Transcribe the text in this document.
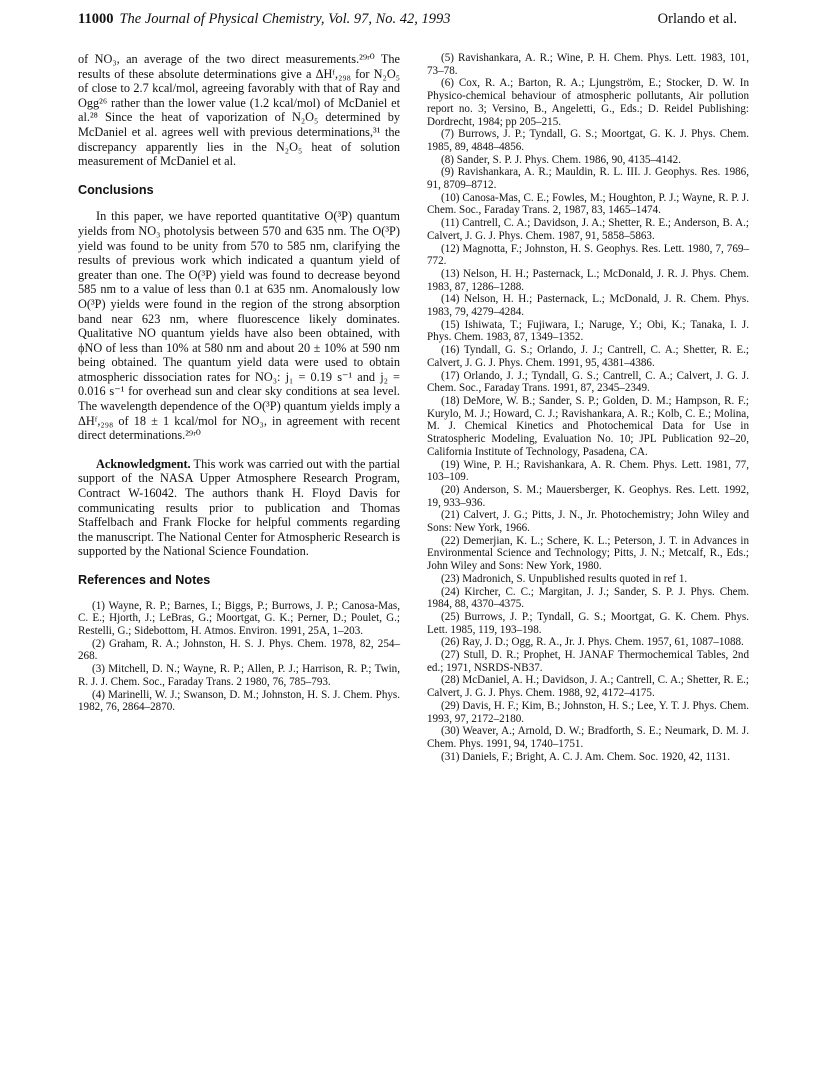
11000 The Journal of Physical Chemistry, Vol. 97, No. 42, 1993	Orlando et al.

of NO₃, an average of the two direct measurements.²⁹ʳ⁰ The results of these absolute determinations give a ΔHᶠ,₂₉₈ for N₂O₅ of close to 2.7 kcal/mol, agreeing favorably with that of Ray and Ogg²⁶ rather than the lower value (1.2 kcal/mol) of McDaniel et al.²⁸ Since the heat of vaporization of N₂O₅ determined by McDaniel et al. agrees well with previous determinations,³¹ the discrepancy apparently lies in the N₂O₅ heat of solution measurement of McDaniel et al.

Conclusions

In this paper, we have reported quantitative O(³P) quantum yields from NO₃ photolysis between 570 and 635 nm. The O(³P) yield was found to be unity from 570 to 585 nm, clarifying the results of previous work which indicated a quantum yield of greater than one. The O(³P) yield was found to decrease beyond 585 nm to a value of less than 0.1 at 635 nm. Anomalously low O(³P) yields were found in the region of the strong absorption band near 623 nm, where fluorescence likely dominates. Qualitative NO quantum yields have also been obtained, with ϕNO of less than 10% at 580 nm and about 20 ± 10% at 590 nm being obtained. The quantum yield data were used to obtain atmospheric dissociation rates for NO₃: j₁ = 0.19 s⁻¹ and j₂ = 0.016 s⁻¹ for overhead sun and clear sky conditions at sea level. The wavelength dependence of the O(³P) quantum yields imply a ΔHᶠ,₂₉₈ of 18 ± 1 kcal/mol for NO₃, in agreement with recent direct determinations.²⁹ʳ⁰

Acknowledgment. This work was carried out with the partial support of the NASA Upper Atmosphere Research Program, Contract W-16042. The authors thank H. Floyd Davis for communicating results prior to publication and Thomas Staffelbach and Frank Flocke for helpful comments regarding the manuscript. The National Center for Atmospheric Research is supported by the National Science Foundation.

References and Notes

(1) Wayne, R. P.; Barnes, I.; Biggs, P.; Burrows, J. P.; Canosa-Mas, C. E.; Hjorth, J.; LeBras, G.; Moortgat, G. K.; Perner, D.; Poulet, G.; Restelli, G.; Sidebottom, H. Atmos. Environ. 1991, 25A, 1–203.

(2) Graham, R. A.; Johnston, H. S. J. Phys. Chem. 1978, 82, 254–268.

(3) Mitchell, D. N.; Wayne, R. P.; Allen, P. J.; Harrison, R. P.; Twin, R. J. J. Chem. Soc., Faraday Trans. 2 1980, 76, 785–793.

(4) Marinelli, W. J.; Swanson, D. M.; Johnston, H. S. J. Chem. Phys. 1982, 76, 2864–2870.

(5) Ravishankara, A. R.; Wine, P. H. Chem. Phys. Lett. 1983, 101, 73–78.

(6) Cox, R. A.; Barton, R. A.; Ljungström, E.; Stocker, D. W. In Physico-chemical behaviour of atmospheric pollutants, Air pollution report no. 3; Versino, B., Angeletti, G., Eds.; D. Reidel Publishing: Dordrecht, 1984; pp 205–215.

(7) Burrows, J. P.; Tyndall, G. S.; Moortgat, G. K. J. Phys. Chem. 1985, 89, 4848–4856.

(8) Sander, S. P. J. Phys. Chem. 1986, 90, 4135–4142.

(9) Ravishankara, A. R.; Mauldin, R. L. III. J. Geophys. Res. 1986, 91, 8709–8712.

(10) Canosa-Mas, C. E.; Fowles, M.; Houghton, P. J.; Wayne, R. P. J. Chem. Soc., Faraday Trans. 2, 1987, 83, 1465–1474.

(11) Cantrell, C. A.; Davidson, J. A.; Shetter, R. E.; Anderson, B. A.; Calvert, J. G. J. Phys. Chem. 1987, 91, 5858–5863.

(12) Magnotta, F.; Johnston, H. S. Geophys. Res. Lett. 1980, 7, 769–772.

(13) Nelson, H. H.; Pasternack, L.; McDonald, J. R. J. Phys. Chem. 1983, 87, 1286–1288.

(14) Nelson, H. H.; Pasternack, L.; McDonald, J. R. Chem. Phys. 1983, 79, 4279–4284.

(15) Ishiwata, T.; Fujiwara, I.; Naruge, Y.; Obi, K.; Tanaka, I. J. Phys. Chem. 1983, 87, 1349–1352.

(16) Tyndall, G. S.; Orlando, J. J.; Cantrell, C. A.; Shetter, R. E.; Calvert, J. G. J. Phys. Chem. 1991, 95, 4381–4386.

(17) Orlando, J. J.; Tyndall, G. S.; Cantrell, C. A.; Calvert, J. G. J. Chem. Soc., Faraday Trans. 1991, 87, 2345–2349.

(18) DeMore, W. B.; Sander, S. P.; Golden, D. M.; Hampson, R. F.; Kurylo, M. J.; Howard, C. J.; Ravishankara, A. R.; Kolb, C. E.; Molina, M. J. Chemical Kinetics and Photochemical Data for Use in Stratospheric Modeling, Evaluation No. 10; JPL Publication 92–20, California Institute of Technology, Pasadena, CA.

(19) Wine, P. H.; Ravishankara, A. R. Chem. Phys. Lett. 1981, 77, 103–109.

(20) Anderson, S. M.; Mauersberger, K. Geophys. Res. Lett. 1992, 19, 933–936.

(21) Calvert, J. G.; Pitts, J. N., Jr. Photochemistry; John Wiley and Sons: New York, 1966.

(22) Demerjian, K. L.; Schere, K. L.; Peterson, J. T. in Advances in Environmental Science and Technology; Pitts, J. N.; Metcalf, R., Eds.; John Wiley and Sons: New York, 1980.

(23) Madronich, S. Unpublished results quoted in ref 1.

(24) Kircher, C. C.; Margitan, J. J.; Sander, S. P. J. Phys. Chem. 1984, 88, 4370–4375.

(25) Burrows, J. P.; Tyndall, G. S.; Moortgat, G. K. Chem. Phys. Lett. 1985, 119, 193–198.

(26) Ray, J. D.; Ogg, R. A., Jr. J. Phys. Chem. 1957, 61, 1087–1088.

(27) Stull, D. R.; Prophet, H. JANAF Thermochemical Tables, 2nd ed.; 1971, NSRDS-NB37.

(28) McDaniel, A. H.; Davidson, J. A.; Cantrell, C. A.; Shetter, R. E.; Calvert, J. G. J. Phys. Chem. 1988, 92, 4172–4175.

(29) Davis, H. F.; Kim, B.; Johnston, H. S.; Lee, Y. T. J. Phys. Chem. 1993, 97, 2172–2180.

(30) Weaver, A.; Arnold, D. W.; Bradforth, S. E.; Neumark, D. M. J. Chem. Phys. 1991, 94, 1740–1751.

(31) Daniels, F.; Bright, A. C. J. Am. Chem. Soc. 1920, 42, 1131.
